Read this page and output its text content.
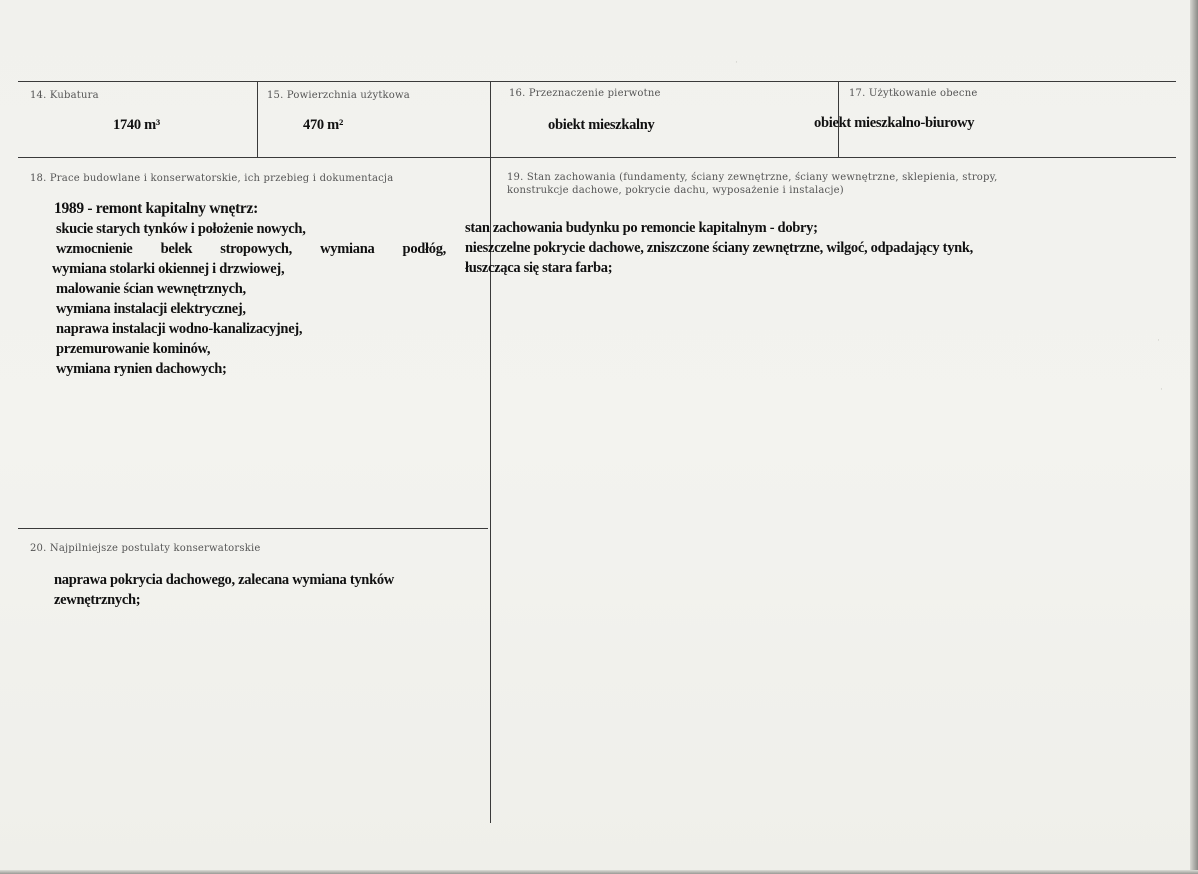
14. Kubatura
1740 m³
15. Powierzchnia użytkowa
470 m²
16. Przeznaczenie pierwotne
obiekt mieszkalny
17. Użytkowanie obecne
obiekt mieszkalno-biurowy
18. Prace budowlane i konserwatorskie, ich przebieg i dokumentacja
1989 - remont kapitalny wnętrz:
skucie starych tynków i położenie nowych,
wzmocnienie belek stropowych, wymiana podłóg,
wymiana stolarki okiennej i drzwiowej,
malowanie ścian wewnętrznych,
wymiana instalacji elektrycznej,
naprawa instalacji wodno-kanalizacyjnej,
przemurowanie kominów,
wymiana rynien dachowych;
19. Stan zachowania (fundamenty, ściany zewnętrzne, ściany wewnętrzne, sklepienia, stropy,
konstrukcje dachowe, pokrycie dachu, wyposażenie i instalacje)
stan zachowania budynku po remoncie kapitalnym - dobry;
nieszczelne pokrycie dachowe, zniszczone ściany zewnętrzne, wilgoć, odpadający tynk,
łuszcząca się stara farba;
20. Najpilniejsze postulaty konserwatorskie
naprawa pokrycia dachowego, zalecana wymiana tynków
zewnętrznych;
·
·
·
